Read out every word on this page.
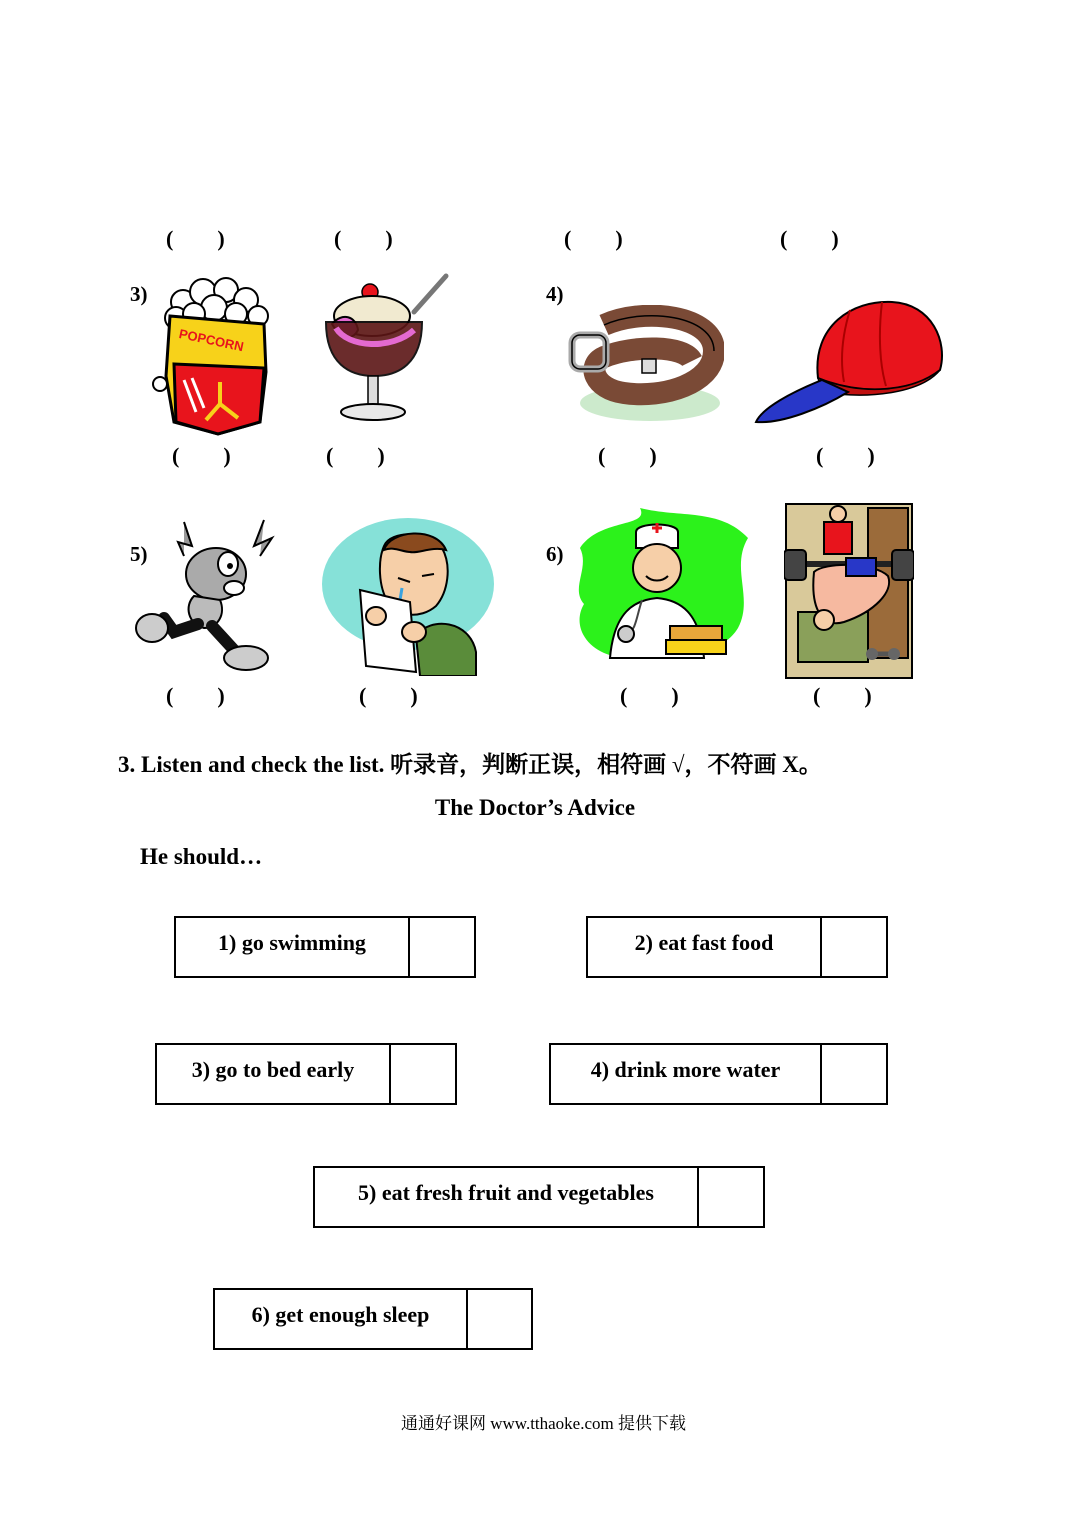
(        )	(        )	(        )	(        )
3)
POPCORN
(        )	(        )
4)
(        )	(        )
5)
(        )	(        )
6)
(        )	(        )
3. Listen and check the list. 听录音，判断正误，相符画 √，不符画 X。
The Doctor’s Advice
He should…
1) go swimming	2) eat fast food
3) go to bed early	4) drink more water
5) eat fresh fruit and vegetables
6) get enough sleep
通通好课网 www.tthaoke.com 提供下载
